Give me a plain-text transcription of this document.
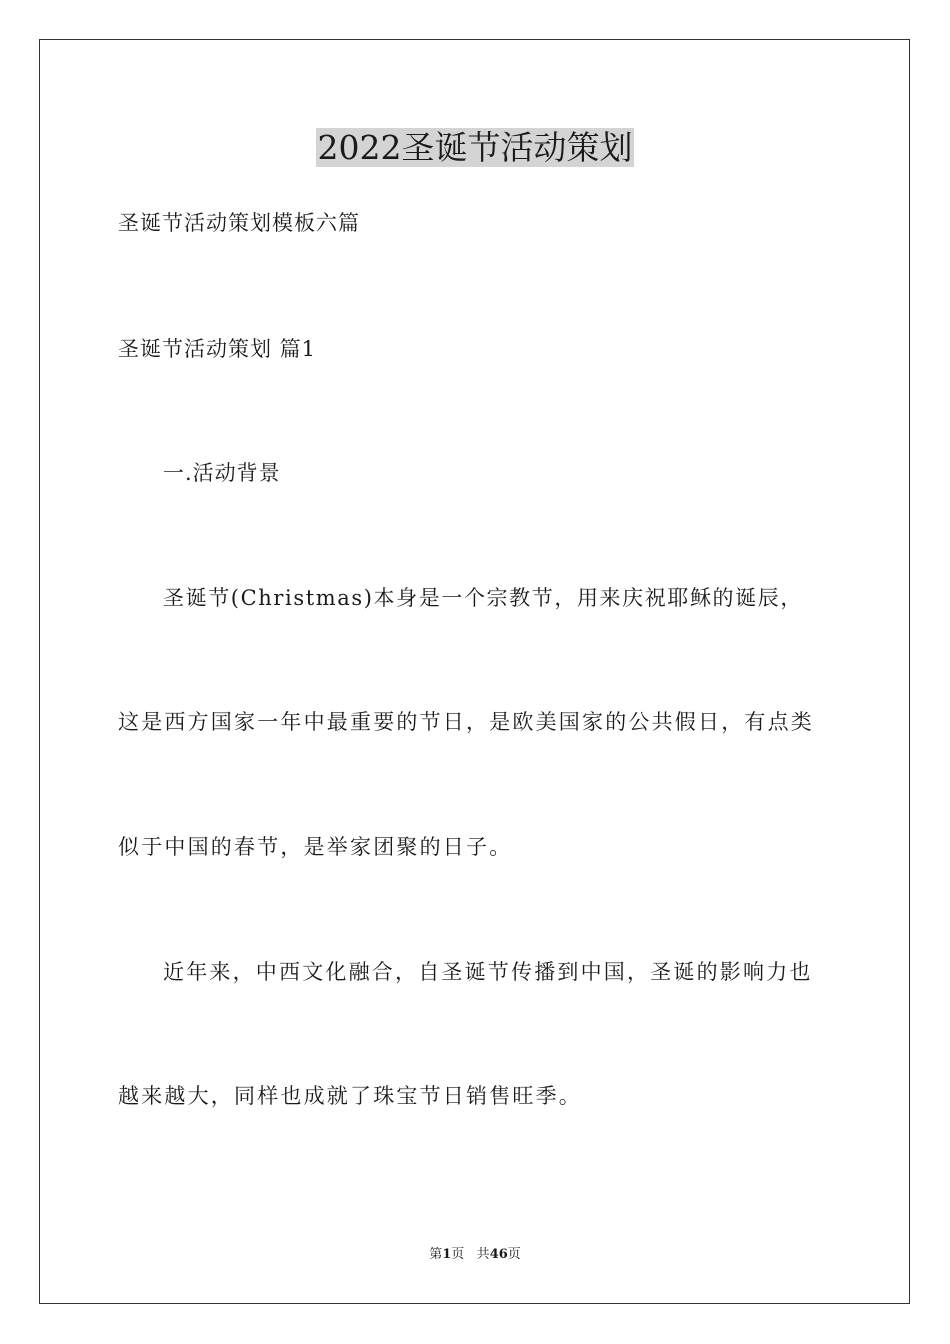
2022圣诞节活动策划
圣诞节活动策划模板六篇
圣诞节活动策划 篇1
一.活动背景
圣诞节(Christmas)本身是一个宗教节，用来庆祝耶稣的诞辰，
这是西方国家一年中最重要的节日，是欧美国家的公共假日，有点类
似于中国的春节，是举家团聚的日子。
近年来，中西文化融合，自圣诞节传播到中国，圣诞的影响力也
越来越大，同样也成就了珠宝节日销售旺季。
第1页 共46页
